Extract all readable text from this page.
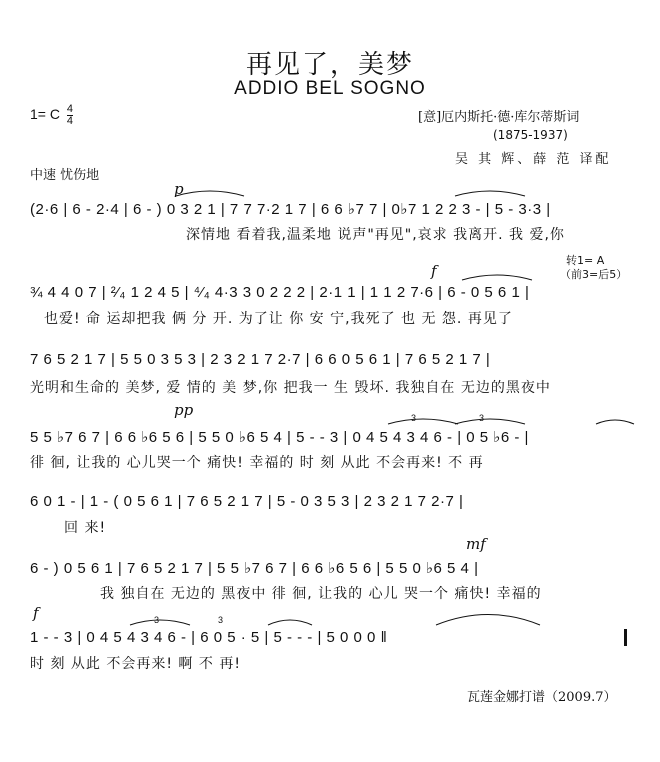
再见了，美梦
ADDIO BEL SOGNO
1= C $\frac{4}{4}$	[意]厄内斯托·德·库尔蒂斯词
(1875-1937)
吴 其 辉、薛 范 译配
中速 忧伤地
p
f
pp
mf
f
转1= A
（前3=后5）
(2·6 | 6 - 2·4 | 6 - ) 0 3 2 1 | 7 7 7·2 1 7 | 6 6 ♭7 7 | 0♭7 1 2 2 3 - | 5 - 3·3 |
深情地 看着我,温柔地 说声"再见",哀求 我离开. 我 爱,你
¾ 4 4 0 7 | ²⁄₄ 1 2 4 5 | ⁴⁄₄ 4·3 3 0 2 2 2 | 2·1 1 | 1 1 2 7·6 | 6 - 0 5 6 1 |
也爱! 命 运却把我 俩 分 开. 为了让 你 安 宁,我死了 也 无 怨. 再见了
7 6 5 2 1 7 | 5 5 0 3 5 3 | 2 3 2 1 7 2·7 | 6 6 0 5 6 1 | 7 6 5 2 1 7 |
光明和生命的 美梦, 爱 情的 美 梦,你 把我一 生 毁坏. 我独自在 无边的黑夜中
5 5 ♭7 6 7 | 6 6 ♭6 5 6 | 5 5 0 ♭6 5 4 | 5 - - 3 | 0 4 5 4 3 4 6 - | 0 5 ♭6 - |
徘 徊, 让我的 心儿哭一个 痛快! 幸福的 时 刻 从此 不会再来! 不 再
6 0 1 - | 1 - ( 0 5 6 1 | 7 6 5 2 1 7 | 5 - 0 3 5 3 | 2 3 2 1 7 2·7 |
回 来!
6 - ) 0 5 6 1 | 7 6 5 2 1 7 | 5 5 ♭7 6 7 | 6 6 ♭6 5 6 | 5 5 0 ♭6 5 4 |
我 独自在 无边的 黑夜中 徘 徊, 让我的 心儿 哭一个 痛快! 幸福的
1 - - 3 | 0 4 5 4 3 4 6 - | 6 0 5 · 5 | 5 - - - | 5 0 0 0 ‖
时 刻 从此 不会再来! 啊 不 再!
瓦莲金娜打谱（2009.7）
3	3
3	3
